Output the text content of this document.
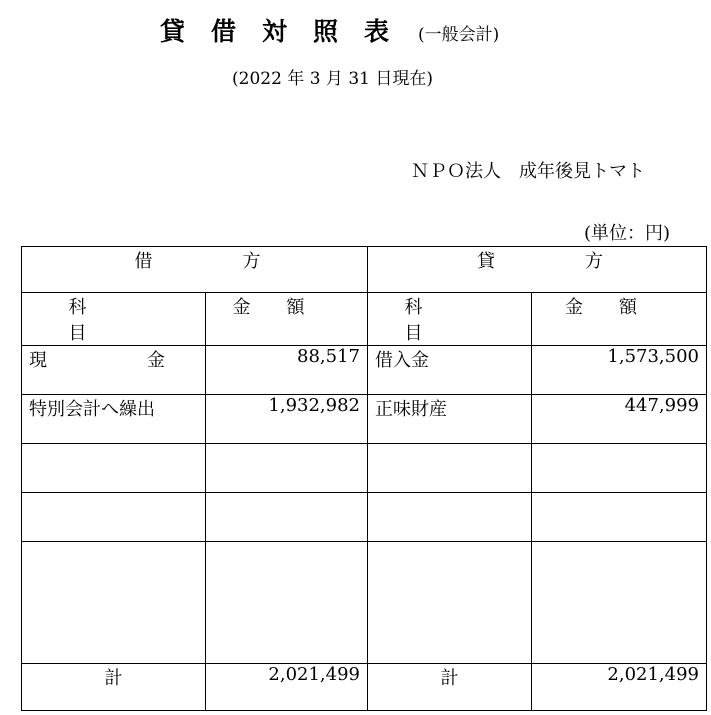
貸借対照表 (一般会計)
(2022 年 3 月 31 日現在)
ＮＰＯ法人　成年後見トマト
(単位：円)
借方		貸方	
科目	金額	科目	金額

現金	88,517	借入金	1,573,500
特別会計へ繰出	1,932,982	正味財産	447,999

計	2,021,499	計	2,021,499
